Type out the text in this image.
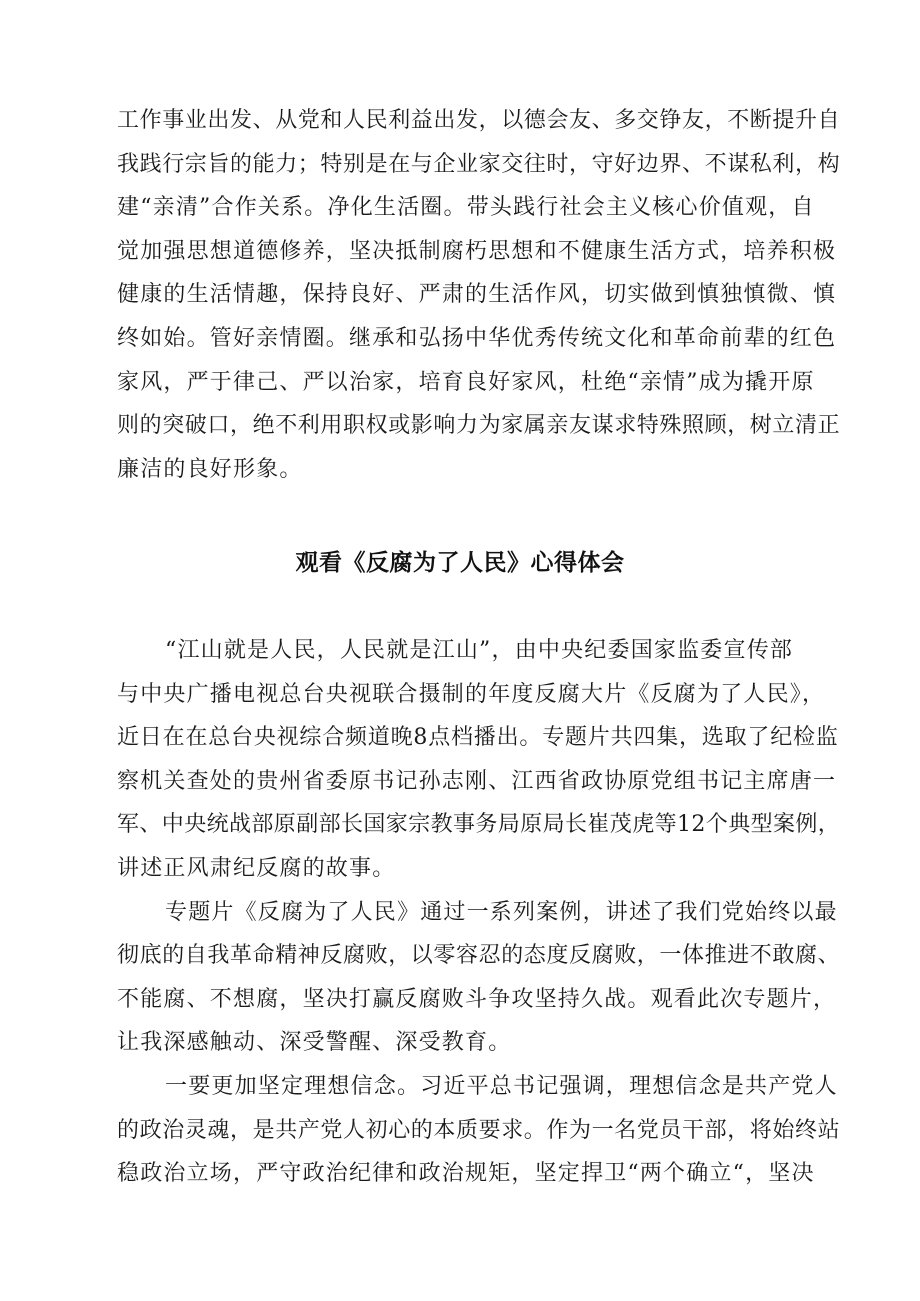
工作事业出发、从党和人民利益出发，以德会友、多交铮友，不断提升自
我践行宗旨的能力；特别是在与企业家交往时，守好边界、不谋私利，构
建“亲清”合作关系。净化生活圈。带头践行社会主义核心价值观，自
觉加强思想道德修养，坚决抵制腐朽思想和不健康生活方式，培养积极
健康的生活情趣，保持良好、严肃的生活作风，切实做到慎独慎微、慎
终如始。管好亲情圈。继承和弘扬中华优秀传统文化和革命前辈的红色
家风，严于律己、严以治家，培育良好家风，杜绝“亲情”成为撬开原
则的突破口，绝不利用职权或影响力为家属亲友谋求特殊照顾，树立清正
廉洁的良好形象。
观看《反腐为了人民》心得体会
“江山就是人民，人民就是江山”，由中央纪委国家监委宣传部
与中央广播电视总台央视联合摄制的年度反腐大片《反腐为了人民》，
近日在在总台央视综合频道晚8点档播出。专题片共四集，选取了纪检监
察机关查处的贵州省委原书记孙志刚、江西省政协原党组书记主席唐一
军、中央统战部原副部长国家宗教事务局原局长崔茂虎等12个典型案例，
讲述正风肃纪反腐的故事。
专题片《反腐为了人民》通过一系列案例，讲述了我们党始终以最
彻底的自我革命精神反腐败，以零容忍的态度反腐败，一体推进不敢腐、
不能腐、不想腐，坚决打赢反腐败斗争攻坚持久战。观看此次专题片，
让我深感触动、深受警醒、深受教育。
一要更加坚定理想信念。习近平总书记强调，理想信念是共产党人
的政治灵魂，是共产党人初心的本质要求。作为一名党员干部，将始终站
稳政治立场，严守政治纪律和政治规矩，坚定捍卫“两个确立“，坚决
